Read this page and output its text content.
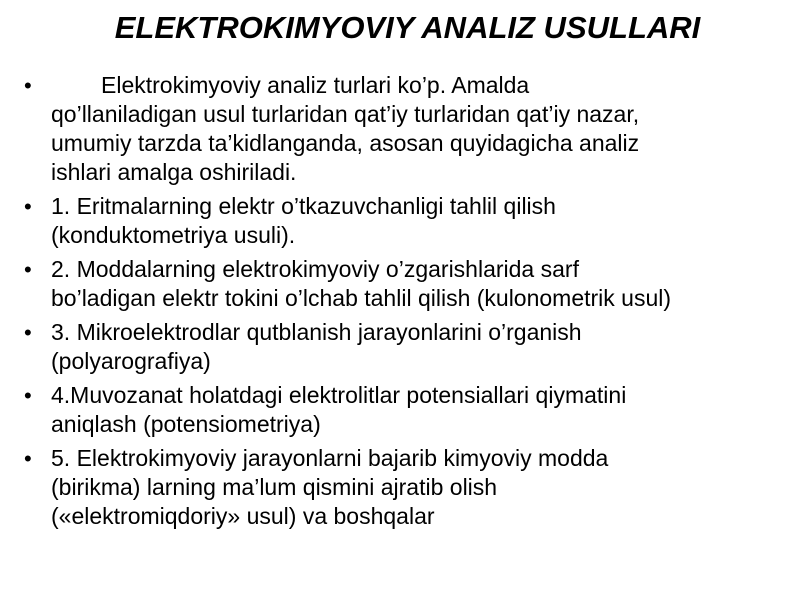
ELEKTROKIMYOVIY ANALIZ USULLARI
•	Elektrokimyoviy analiz turlari ko’p. Amalda
qo’llaniladigan usul turlaridan qat’iy turlaridan qat’iy nazar,
umumiy tarzda ta’kidlanganda, asosan quyidagicha analiz
ishlari amalga oshiriladi.
• 1. Eritmalarning elektr o’tkazuvchanligi tahlil qilish
(konduktometriya usuli).
• 2. Moddalarning elektrokimyoviy o’zgarishlarida sarf
bo’ladigan elektr tokini o’lchab tahlil qilish (kulonometrik usul)
• 3. Mikroelektrodlar qutblanish jarayonlarini o’rganish
(polyarografiya)
• 4.Muvozanat holatdagi elektrolitlar potensiallari qiymatini
aniqlash (potensiometriya)
• 5. Elektrokimyoviy jarayonlarni bajarib kimyoviy modda
(birikma) larning ma’lum qismini ajratib olish
(«elektromiqdoriy» usul) va boshqalar
